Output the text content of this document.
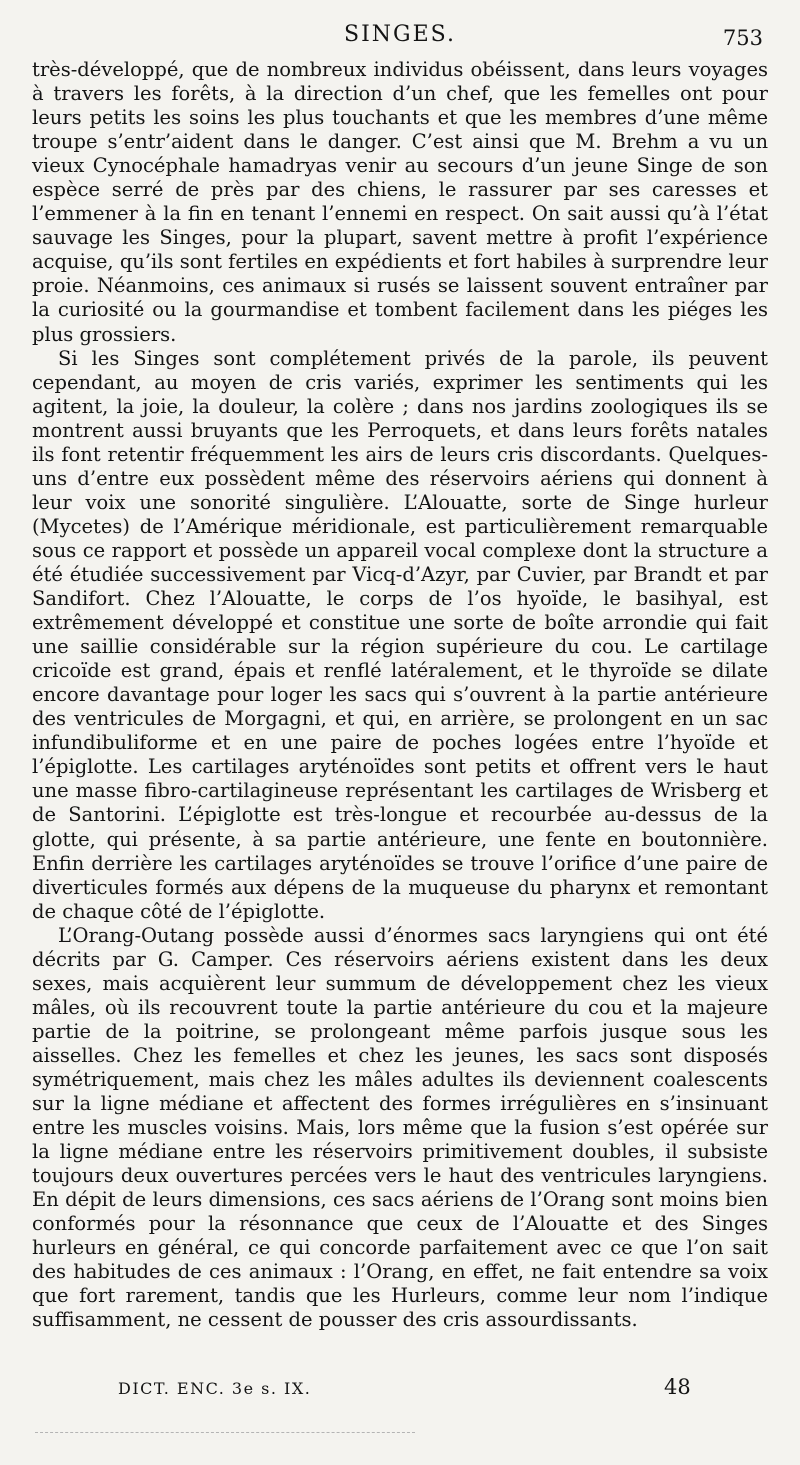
SINGES.	753

très-développé, que de nombreux individus obéissent, dans leurs voyages à travers les forêts, à la direction d’un chef, que les femelles ont pour leurs petits les soins les plus touchants et que les membres d’une même troupe s’entr’aident dans le danger. C’est ainsi que M. Brehm a vu un vieux Cynocéphale hamadryas venir au secours d’un jeune Singe de son espèce serré de près par des chiens, le rassurer par ses caresses et l’emmener à la fin en tenant l’ennemi en respect. On sait aussi qu’à l’état sauvage les Singes, pour la plupart, savent mettre à profit l’expérience acquise, qu’ils sont fertiles en expédients et fort habiles à surprendre leur proie. Néanmoins, ces animaux si rusés se laissent souvent entraîner par la curiosité ou la gourmandise et tombent facilement dans les piéges les plus grossiers.

Si les Singes sont complétement privés de la parole, ils peuvent cependant, au moyen de cris variés, exprimer les sentiments qui les agitent, la joie, la douleur, la colère ; dans nos jardins zoologiques ils se montrent aussi bruyants que les Perroquets, et dans leurs forêts natales ils font retentir fréquemment les airs de leurs cris discordants. Quelques-uns d’entre eux possèdent même des réservoirs aériens qui donnent à leur voix une sonorité singulière. L’Alouatte, sorte de Singe hurleur (Mycetes) de l’Amérique méridionale, est particulièrement remarquable sous ce rapport et possède un appareil vocal complexe dont la structure a été étudiée successivement par Vicq-d’Azyr, par Cuvier, par Brandt et par Sandifort. Chez l’Alouatte, le corps de l’os hyoïde, le basihyal, est extrêmement développé et constitue une sorte de boîte arrondie qui fait une saillie considérable sur la région supérieure du cou. Le cartilage cricoïde est grand, épais et renflé latéralement, et le thyroïde se dilate encore davantage pour loger les sacs qui s’ouvrent à la partie antérieure des ventricules de Morgagni, et qui, en arrière, se prolongent en un sac infundibuliforme et en une paire de poches logées entre l’hyoïde et l’épiglotte. Les cartilages aryténoïdes sont petits et offrent vers le haut une masse fibro-cartilagineuse représentant les cartilages de Wrisberg et de Santorini. L’épiglotte est très-longue et recourbée au-dessus de la glotte, qui présente, à sa partie antérieure, une fente en boutonnière. Enfin derrière les cartilages aryténoïdes se trouve l’orifice d’une paire de diverticules formés aux dépens de la muqueuse du pharynx et remontant de chaque côté de l’épiglotte.

L’Orang-Outang possède aussi d’énormes sacs laryngiens qui ont été décrits par G. Camper. Ces réservoirs aériens existent dans les deux sexes, mais acquièrent leur summum de développement chez les vieux mâles, où ils recouvrent toute la partie antérieure du cou et la majeure partie de la poitrine, se prolongeant même parfois jusque sous les aisselles. Chez les femelles et chez les jeunes, les sacs sont disposés symétriquement, mais chez les mâles adultes ils deviennent coalescents sur la ligne médiane et affectent des formes irrégulières en s’insinuant entre les muscles voisins. Mais, lors même que la fusion s’est opérée sur la ligne médiane entre les réservoirs primitivement doubles, il subsiste toujours deux ouvertures percées vers le haut des ventricules laryngiens. En dépit de leurs dimensions, ces sacs aériens de l’Orang sont moins bien conformés pour la résonnance que ceux de l’Alouatte et des Singes hurleurs en général, ce qui concorde parfaitement avec ce que l’on sait des habitudes de ces animaux : l’Orang, en effet, ne fait entendre sa voix que fort rarement, tandis que les Hurleurs, comme leur nom l’indique suffisamment, ne cessent de pousser des cris assourdissants.

DICT. ENC. 3e s. IX.	48
